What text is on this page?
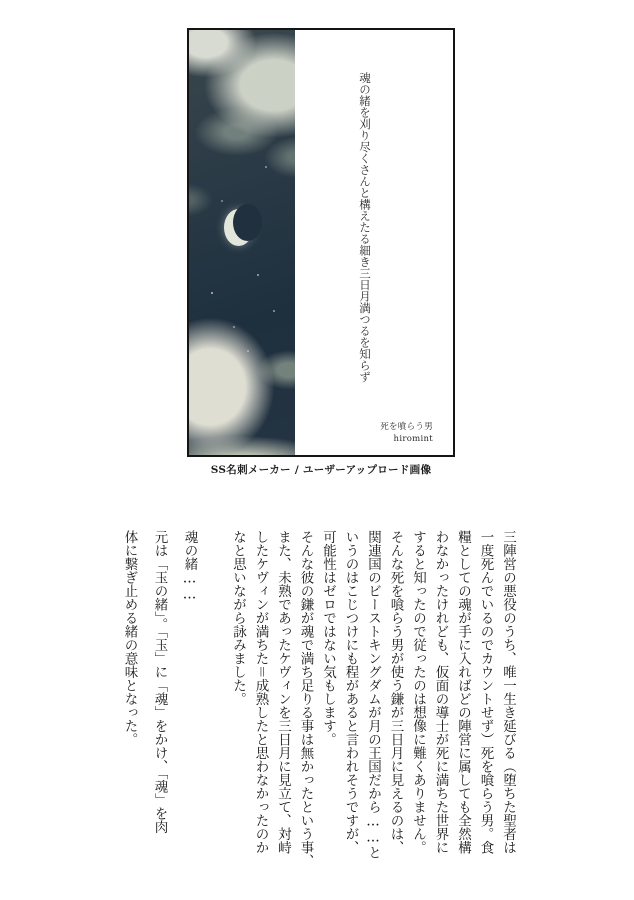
魂の緒を刈り尽くさんと構えたる細き三日月満つるを知らず
死を喰らう男
hiromint
SS名刺メーカー / ユーザーアップロード画像
三陣営の悪役のうち、唯一生き延びる（堕ちた聖者は
一度死んでいるのでカウントせず）死を喰らう男。食
糧としての魂が手に入ればどの陣営に属しても全然構
わなかったけれども、仮面の導士が死に満ちた世界に
すると知ったので従ったのは想像に難くありません。
そんな死を喰らう男が使う鎌が三日月に見えるのは、
関連国のビーストキングダムが月の王国だから……と
いうのはこじつけにも程があると言われそうですが、
可能性はゼロではない気もします。
そんな彼の鎌が魂で満ち足りる事は無かったという事、
また、未熟であったケヴィンを三日月に見立て、対峙
したケヴィンが満ちた＝成熟したと思わなかったのか
なと思いながら詠みました。
魂の緒……
元は「玉の緒」。「玉」に「魂」をかけ、「魂」を肉
体に繋ぎ止める緒の意味となった。
